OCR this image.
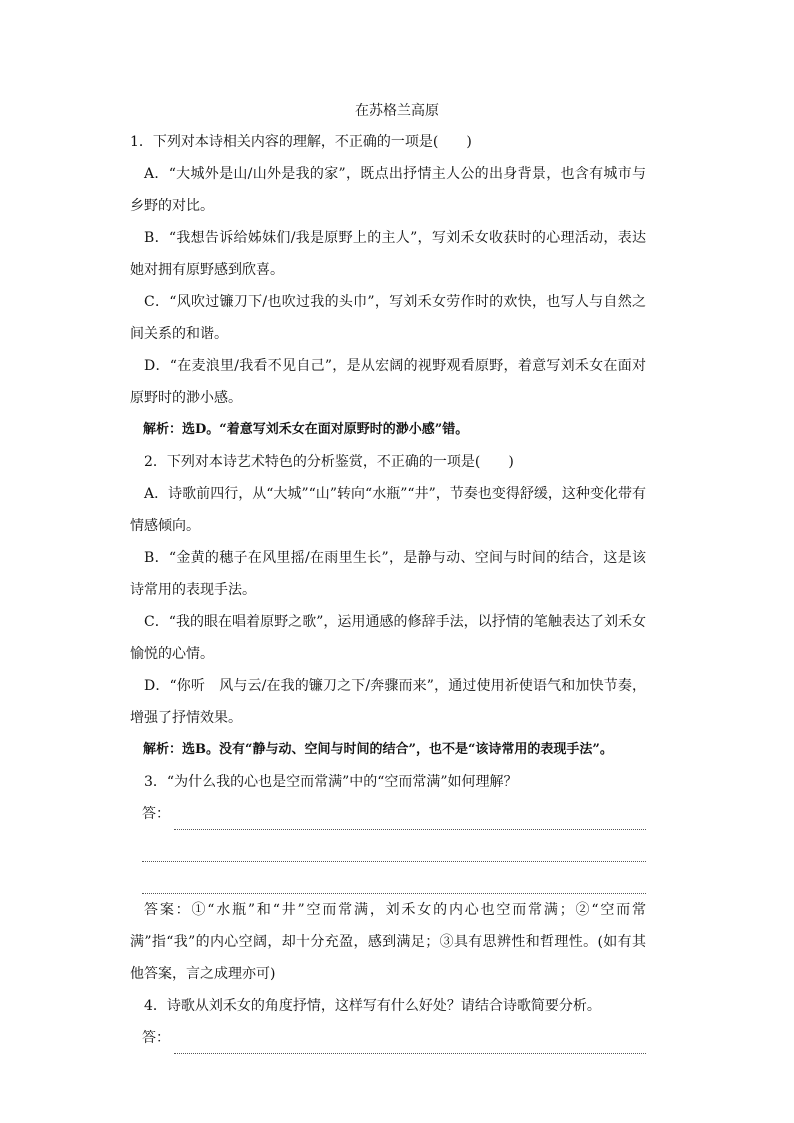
在苏格兰高原

1．下列对本诗相关内容的理解，不正确的一项是(　　)

A．“大城外是山/山外是我的家”，既点出抒情主人公的出身背景，也含有城市与乡野的对比。

B．“我想告诉给姊妹们/我是原野上的主人”，写刘禾女收获时的心理活动，表达她对拥有原野感到欣喜。

C．“风吹过镰刀下/也吹过我的头巾”，写刘禾女劳作时的欢快，也写人与自然之间关系的和谐。

D．“在麦浪里/我看不见自己”，是从宏阔的视野观看原野，着意写刘禾女在面对原野时的渺小感。

解析：选D。“着意写刘禾女在面对原野时的渺小感”错。

2．下列对本诗艺术特色的分析鉴赏，不正确的一项是(　　)

A．诗歌前四行，从“大城”“山”转向“水瓶”“井”，节奏也变得舒缓，这种变化带有情感倾向。

B．“金黄的穗子在风里摇/在雨里生长”，是静与动、空间与时间的结合，这是该诗常用的表现手法。

C．“我的眼在唱着原野之歌”，运用通感的修辞手法，以抒情的笔触表达了刘禾女愉悦的心情。

D．“你听　风与云/在我的镰刀之下/奔骤而来”，通过使用祈使语气和加快节奏，增强了抒情效果。

解析：选B。没有“静与动、空间与时间的结合”，也不是“该诗常用的表现手法”。

3．“为什么我的心也是空而常满”中的“空而常满”如何理解？

答：

答案：①“水瓶”和“井”空而常满，刘禾女的内心也空而常满；②“空而常满”指“我”的内心空阔，却十分充盈，感到满足；③具有思辨性和哲理性。(如有其他答案，言之成理亦可)

4．诗歌从刘禾女的角度抒情，这样写有什么好处？请结合诗歌简要分析。

答：
